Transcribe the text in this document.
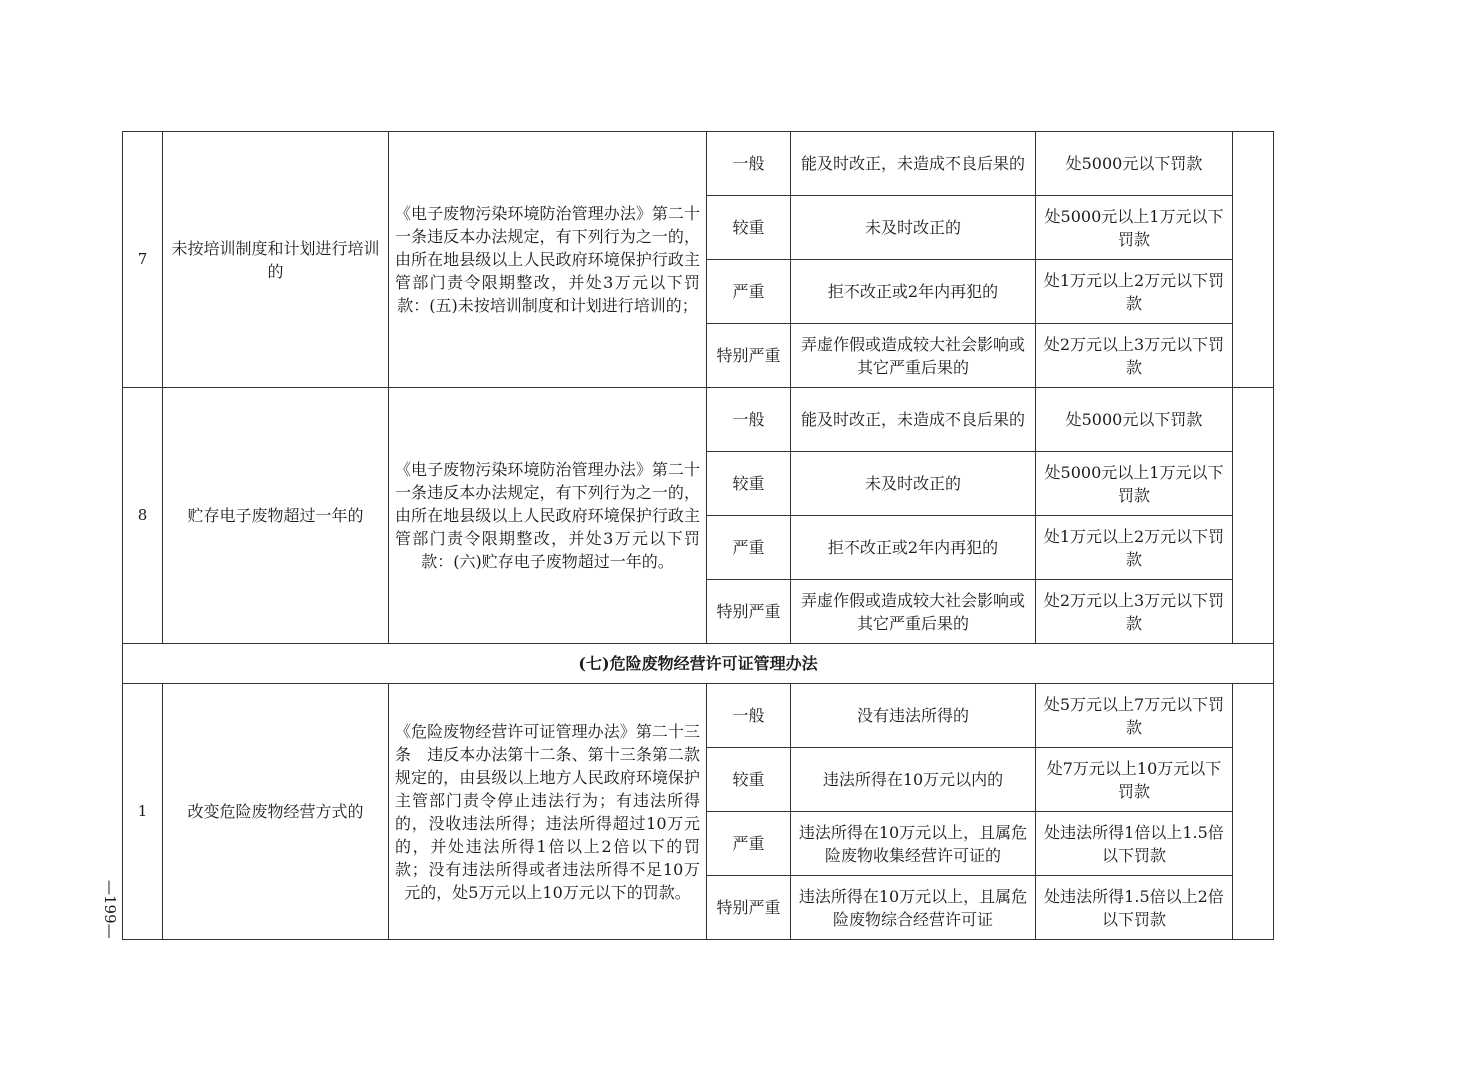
7	未按培训制度和计划进行培训的	《电子废物污染环境防治管理办法》第二十一条违反本办法规定，有下列行为之一的，由所在地县级以上人民政府环境保护行政主管部门责令限期整改，并处3万元以下罚款：(五)未按培训制度和计划进行培训的；	一般	能及时改正，未造成不良后果的	处5000元以下罚款	
			较重	未及时改正的	处5000元以上1万元以下罚款	
			严重	拒不改正或2年内再犯的	处1万元以上2万元以下罚款	
			特别严重	弄虚作假或造成较大社会影响或其它严重后果的	处2万元以上3万元以下罚款	
8	贮存电子废物超过一年的	《电子废物污染环境防治管理办法》第二十一条违反本办法规定，有下列行为之一的，由所在地县级以上人民政府环境保护行政主管部门责令限期整改，并处3万元以下罚款：(六)贮存电子废物超过一年的。	一般	能及时改正，未造成不良后果的	处5000元以下罚款	
			较重	未及时改正的	处5000元以上1万元以下罚款	
			严重	拒不改正或2年内再犯的	处1万元以上2万元以下罚款	
			特别严重	弄虚作假或造成较大社会影响或其它严重后果的	处2万元以上3万元以下罚款	
(七)危险废物经营许可证管理办法						
1	改变危险废物经营方式的	《危险废物经营许可证管理办法》第二十三条　违反本办法第十二条、第十三条第二款规定的，由县级以上地方人民政府环境保护主管部门责令停止违法行为；有违法所得的，没收违法所得；违法所得超过10万元的，并处违法所得1倍以上2倍以下的罚款；没有违法所得或者违法所得不足10万元的，处5万元以上10万元以下的罚款。	一般	没有违法所得的	处5万元以上7万元以下罚款	
			较重	违法所得在10万元以内的	处7万元以上10万元以下罚款	
			严重	违法所得在10万元以上，且属危险废物收集经营许可证的	处违法所得1倍以上1.5倍以下罚款	
			特别严重	违法所得在10万元以上，且属危险废物综合经营许可证	处违法所得1.5倍以上2倍以下罚款	
—199—
